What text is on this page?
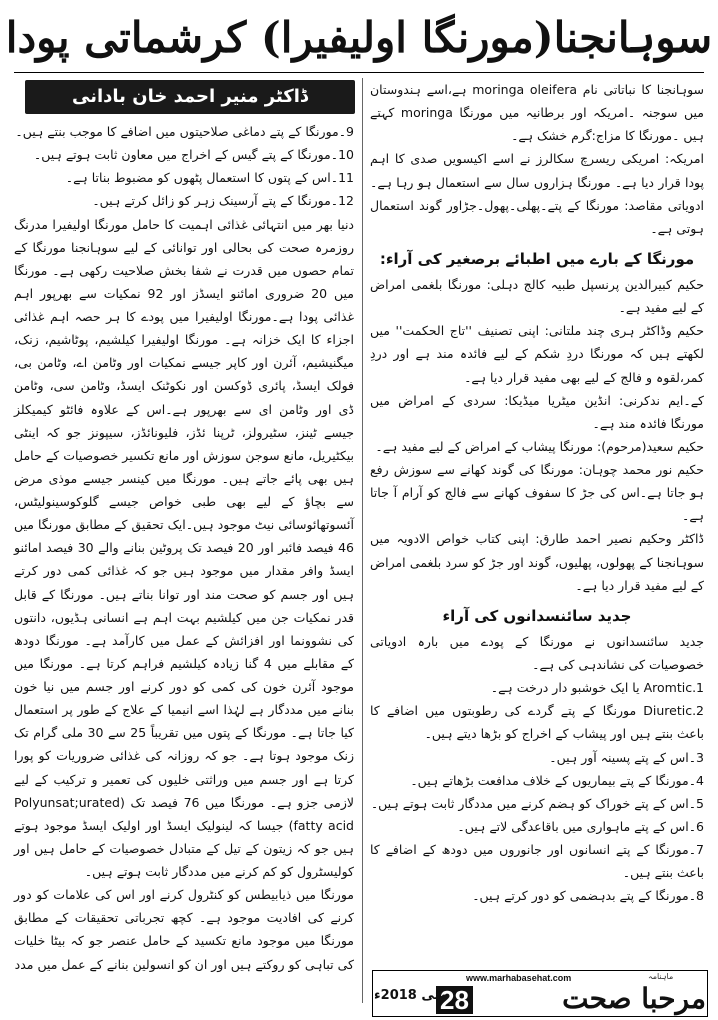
سوہانجنا(مورنگا اولیفیرا) کرشماتی پودا
ڈاکٹر منیر احمد خان بادانی	سوہانجنا کا نباتاتی نام moringa oleifera ہے،اسے ہندوستان میں سوجنہ ۔امریکہ اور برطانیہ میں مورنگا moringa کہتے ہیں ۔مورنگا کا مزاج:گرم خشک ہے۔

امریکہ: امریکی ریسرچ سکالرز نے اسے اکیسویں صدی کا اہم پودا قرار دیا ہے۔ مورنگا ہزاروں سال سے استعمال ہو رہا ہے۔ادویاتی مقاصد: مورنگا کے پتے۔پھلی۔پھول۔جڑاور گوند استعمال ہوتی ہے۔

مورنگا کے بارے میں اطبائے برصغیر کی آراء:

حکیم کبیرالدین پرنسپل طبیہ کالج دہلی: مورنگا بلغمی امراض کے لیے مفید ہے۔

حکیم وڈاکٹر ہری چند ملتانی: اپنی تصنیف ''تاج الحکمت'' میں لکھتے ہیں کہ مورنگا دردِ شکم کے لیے فائدہ مند ہے اور دردِ کمر،لقوہ و فالج کے لیے بھی مفید قرار دیا ہے۔

کے۔ایم ندکرنی: انڈین میٹریا میڈیکا: سردی کے امراض میں مورنگا فائدہ مند ہے۔

حکیم سعید(مرحوم): مورنگا پیشاب کے امراض کے لیے مفید ہے۔

حکیم نور محمد چوہان: مورنگا کی گوند کھانے سے سوزش رفع ہو جاتا ہے۔اس کی جڑ کا سفوف کھانے سے فالج کو آرام آ جاتا ہے۔

ڈاکٹر وحکیم نصیر احمد طارق: اپنی کتاب خواص الادویہ میں سوہانجنا کے پھولوں، پھلیوں، گوند اور جڑ کو سرد بلغمی امراض کے لیے مفید قرار دیا ہے۔

جدید سائنسدانوں کی آراء

جدید سائنسدانوں نے مورنگا کے پودے میں بارہ ادویاتی خصوصیات کی نشاندہی کی ہے۔

Aromtic.1 یا ایک خوشبو دار درخت ہے۔

Diuretic.2 مورنگا کے پتے گردے کی رطوبتوں میں اضافے کا باعث بنتے ہیں اور پیشاب کے اخراج کو بڑھا دیتے ہیں۔

3۔اس کے پتے پسینہ آور ہیں۔

4۔مورنگا کے پتے بیماریوں کے خلاف مدافعت بڑھاتے ہیں۔

5۔اس کے پتے خوراک کو ہضم کرنے میں مددگار ثابت ہوتے ہیں۔

6۔اس کے پتے ماہواری میں باقاعدگی لاتے ہیں۔

7۔مورنگا کے پتے انسانوں اور جانوروں میں دودھ کے اضافے کا باعث بنتے ہیں۔

8۔مورنگا کے پتے بدہضمی کو دور کرتے ہیں۔

9۔مورنگا کے پتے دماغی صلاحیتوں میں اضافے کا موجب بنتے ہیں۔

10۔مورنگا کے پتے گیس کے اخراج میں معاون ثابت ہوتے ہیں۔

11۔اس کے پتوں کا استعمال پٹھوں کو مضبوط بناتا ہے۔

12۔مورنگا کے پتے آرسینک زہر کو زائل کرتے ہیں۔

دنیا بھر میں انتہائی غذائی اہمیت کا حامل مورنگا اولیفیرا مدرنگ روزمرہ صحت کی بحالی اور توانائی کے لیے سوہانجنا مورنگا کے تمام حصوں میں قدرت نے شفا بخش صلاحیت رکھی ہے۔ مورنگا میں 20 ضروری امائنو ایسڈز اور 92 نمکیات سے بھرپور اہم غذائی پودا ہے۔مورنگا اولیفیرا میں پودے کا ہر حصہ اہم غذائی اجزاء کا ایک خزانہ ہے۔ مورنگا اولیفیرا کیلشیم، پوٹاشیم، زنک، میگنیشیم، آئرن اور کاپر جیسے نمکیات اور وٹامن اے، وٹامن بی، فولک ایسڈ، پائری ڈوکسن اور نکوٹنک ایسڈ، وٹامن سی، وٹامن ڈی اور وٹامن ای سے بھرپور ہے۔اس کے علاوہ فائٹو کیمیکلز جیسے ٹینز، سٹیرولز، ٹرپنا ئڈز، فلیونائڈز، سیپونز جو کہ اینٹی بیکٹیریل، مانع سوجن سوزش اور مانع تکسیر خصوصیات کے حامل ہیں بھی پائے جاتے ہیں۔ مورنگا میں کینسر جیسے موذی مرض سے بچاؤ کے لیے بھی طبی خواص جیسے گلوکوسینولیٹس، آئسوتھائوسائی نیٹ موجود ہیں۔ایک تحقیق کے مطابق مورنگا میں 46 فیصد فائبر اور 20 فیصد تک پروٹین بنانے والے 30 فیصد امائنو ایسڈ وافر مقدار میں موجود ہیں جو کہ غذائی کمی دور کرتے ہیں اور جسم کو صحت مند اور توانا بناتے ہیں۔ مورنگا کے قابل قدر نمکیات جن میں کیلشیم بہت اہم ہے انسانی ہڈیوں، دانتوں کی نشوونما اور افزائش کے عمل میں کارآمد ہے۔ مورنگا دودھ کے مقابلے میں 4 گنا زیادہ کیلشیم فراہم کرتا ہے۔ مورنگا میں موجود آئرن خون کی کمی کو دور کرنے اور جسم میں نیا خون بنانے میں مددگار ہے لہٰذا اسے انیمیا کے علاج کے طور پر استعمال کیا جاتا ہے۔ مورنگا کے پتوں میں تقریباً 25 سے 30 ملی گرام تک زنک موجود ہوتا ہے۔ جو کہ روزانہ کی غذائی ضروریات کو پورا کرتا ہے اور جسم میں وراثتی خلیوں کی تعمیر و ترکیب کے لیے لازمی جزو ہے۔ مورنگا میں 76 فیصد تک (Polyunsat;urated fatty acid) جیسا کہ لینولیک ایسڈ اور اولیک ایسڈ موجود ہوتے ہیں جو کہ زیتون کے تیل کے متبادل خصوصیات کے حامل ہیں اور کولیسٹرول کو کم کرنے میں مددگار ثابت ہوتے ہیں۔

مورنگا میں ذیابیطس کو کنٹرول کرنے اور اس کی علامات کو دور کرنے کی افادیت موجود ہے۔ کچھ تجرباتی تحقیقات کے مطابق مورنگا میں موجود مانع تکسید کے حامل عنصر جو کہ بیٹا خلیات کی تباہی کو روکتے ہیں اور ان کو انسولین بنانے کے عمل میں مدد

www.marhabasehat.com	ماہنامہ
مرحبا صحت
28
مئی 2018ء
